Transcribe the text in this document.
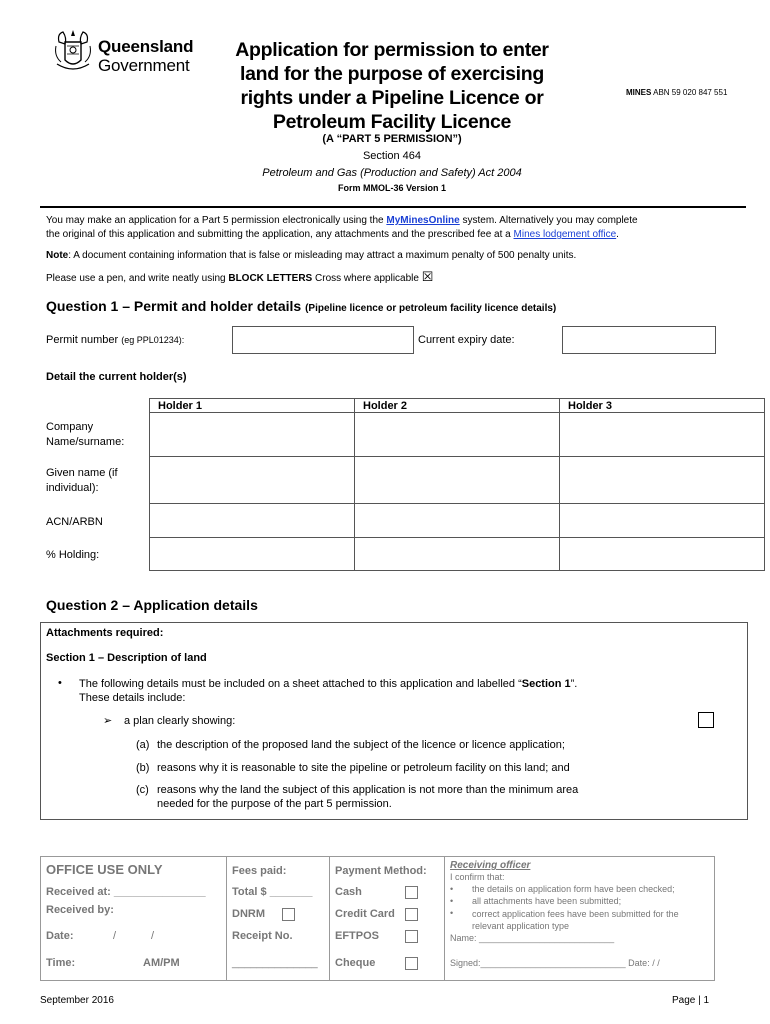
Queensland
Government
Application for permission to enter land for the purpose of exercising rights under a Pipeline Licence or Petroleum Facility Licence
MINES ABN 59 020 847 551
(A “PART 5 PERMISSION”)
Section 464
Petroleum and Gas (Production and Safety) Act 2004
Form MMOL-36 Version 1
You may make an application for a Part 5 permission electronically using the MyMinesOnline system. Alternatively you may complete
the original of this application and submitting the application, any attachments and the prescribed fee at a Mines lodgement office.
Note: A document containing information that is false or misleading may attract a maximum penalty of 500 penalty units.
Please use a pen, and write neatly using BLOCK LETTERS Cross where applicable ☒
Question 1 – Permit and holder details (Pipeline licence or petroleum facility licence details)
Permit number (eg PPL01234):	Current expiry date:
Detail the current holder(s)
Holder 1	Holder 2	Holder 3

Company Name/surname:
Given name (if individual):
ACN/ARBN
% Holding:
Question 2 – Application details
Attachments required:
Section 1 – Description of land
• The following details must be included on a sheet attached to this application and labelled “Section 1”.
These details include:
➢ a plan clearly showing:
(a) the description of the proposed land the subject of the licence or licence application;
(b) reasons why it is reasonable to site the pipeline or petroleum facility on this land; and
(c) reasons why the land the subject of this application is not more than the minimum area
needed for the purpose of the part 5 permission.
OFFICE USE ONLY
Received at: _______________
Received by:
Date:	/	/
Time:	AM/PM
Fees paid:
Total $ _______
DNRM
Receipt No.
______________
Payment Method:
Cash
Credit Card
EFTPOS
Cheque
Receiving officer
I confirm that:
• the details on application form have been checked;
• all attachments have been submitted;
• correct application fees have been submitted for the relevant application type
Name: ___________________________
Signed:_____________________________ Date: / /
September 2016	Page | 1
